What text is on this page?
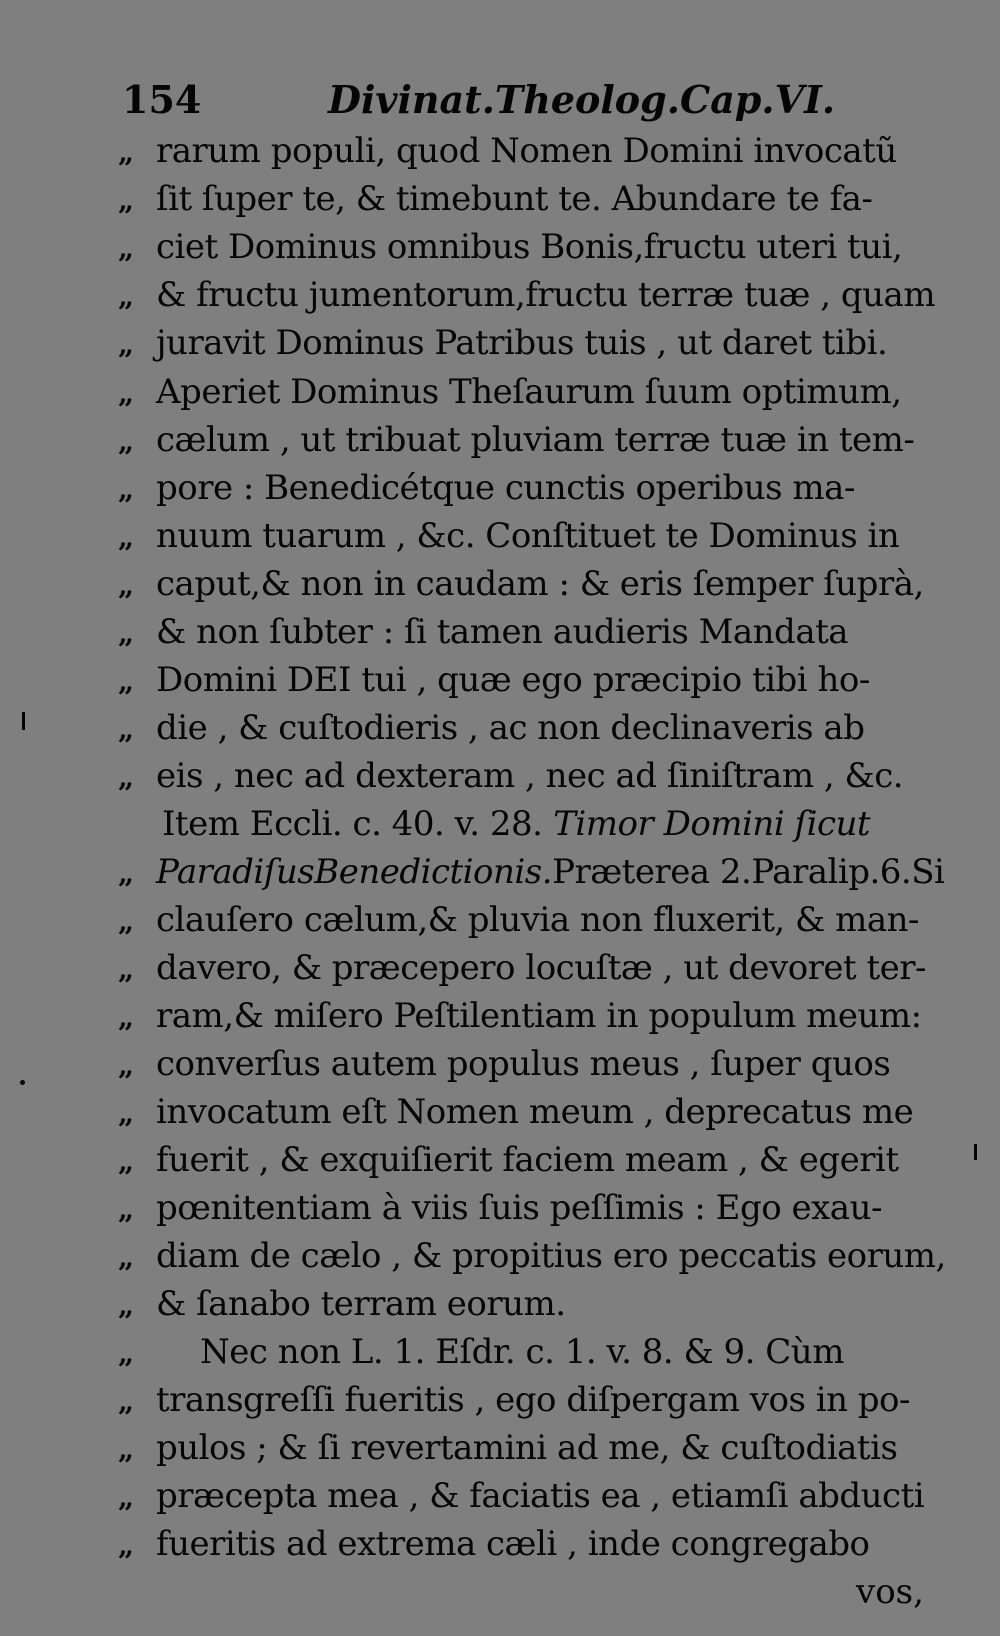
154	Divinat.Theolog.Cap.VI.
„ rarum populi, quod Nomen Domini invocatũ
„ ſit ſuper te, & timebunt te. Abundare te fa-
„ ciet Dominus omnibus Bonis,fructu uteri tui,
„ & fructu jumentorum,fructu terræ tuæ , quam
„ juravit Dominus Patribus tuis , ut daret tibi.
„ Aperiet Dominus Theſaurum ſuum optimum,
„ cælum , ut tribuat pluviam terræ tuæ in tem-
„ pore : Benedicétque cunctis operibus ma-
„ nuum tuarum , &c. Conſtituet te Dominus in
„ caput,& non in caudam : & eris ſemper ſuprà,
„ & non ſubter : ſi tamen audieris Mandata
„ Domini DEI tui , quæ ego præcipio tibi ho-
„ die , & cuſtodieris , ac non declinaveris ab
„ eis , nec ad dexteram , nec ad ſiniſtram , &c.
Item Eccli. c. 40. v. 28. Timor Domini ſicut
„ ParadiſusBenedictionis.Præterea 2.Paralip.6.Si
„ clauſero cælum,& pluvia non fluxerit, & man-
„ davero, & præcepero locuſtæ , ut devoret ter-
„ ram,& miſero Peſtilentiam in populum meum:
„ converſus autem populus meus , ſuper quos
„ invocatum eſt Nomen meum , deprecatus me
„ fuerit , & exquiſierit faciem meam , & egerit
„ pœnitentiam à viis ſuis peſſimis : Ego exau-
„ diam de cælo , & propitius ero peccatis eorum,
„ & ſanabo terram eorum.
„ Nec non L. 1. Eſdr. c. 1. v. 8. & 9. Cùm
„ transgreſſi fueritis , ego diſpergam vos in po-
„ pulos ; & ſi revertamini ad me, & cuſtodiatis
„ præcepta mea , & faciatis ea , etiamſi abducti
„ fueritis ad extrema cæli , inde congregabo
vos,
